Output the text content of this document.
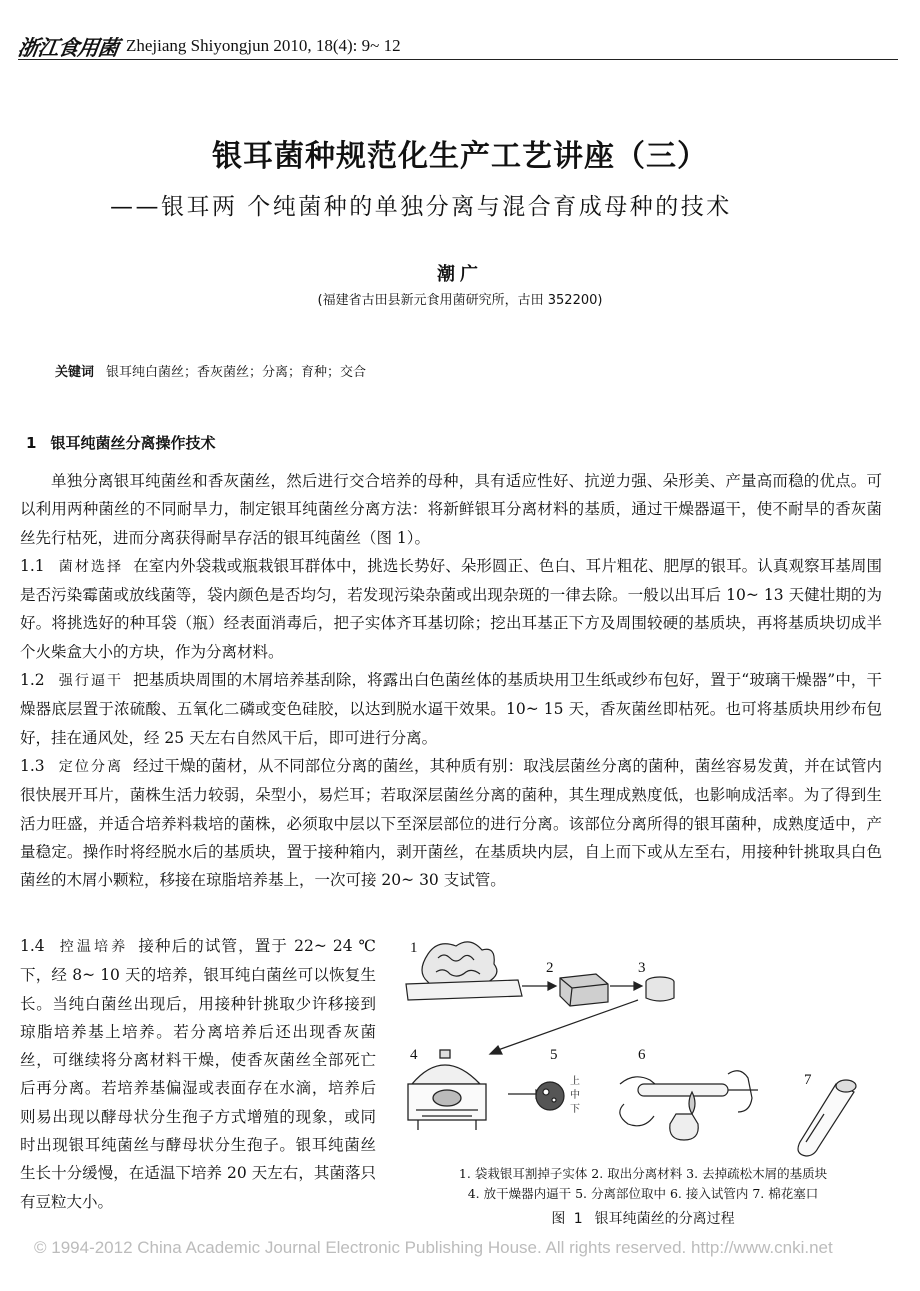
浙江食用菌 Zhejiang Shiyongjun 2010, 18(4): 9~ 12
银耳菌种规范化生产工艺讲座（三）
——银耳两 个纯菌种的单独分离与混合育成母种的技术
潮广
(福建省古田县新元食用菌研究所，古田 352200)
关键词 银耳纯白菌丝；香灰菌丝；分离；育种；交合
1 银耳纯菌丝分离操作技术

单独分离银耳纯菌丝和香灰菌丝，然后进行交合培养的母种，具有适应性好、抗逆力强、朵形美、产量高而稳的优点。可以利用两种菌丝的不同耐旱力，制定银耳纯菌丝分离方法：将新鲜银耳分离材料的基质，通过干燥器逼干，使不耐旱的香灰菌丝先行枯死，进而分离获得耐旱存活的银耳纯菌丝（图 1）。

1.1 菌材选择 在室内外袋栽或瓶栽银耳群体中，挑选长势好、朵形圆正、色白、耳片粗花、肥厚的银耳。认真观察耳基周围是否污染霉菌或放线菌等，袋内颜色是否均匀，若发现污染杂菌或出现杂斑的一律去除。一般以出耳后 10~ 13 天健壮期的为好。将挑选好的种耳袋（瓶）经表面消毒后，把子实体齐耳基切除；挖出耳基正下方及周围较硬的基质块，再将基质块切成半个火柴盒大小的方块，作为分离材料。

1.2 强行逼干 把基质块周围的木屑培养基刮除，将露出白色菌丝体的基质块用卫生纸或纱布包好，置于“玻璃干燥器”中，干燥器底层置于浓硫酸、五氧化二磷或变色硅胶，以达到脱水逼干效果。10~ 15 天，香灰菌丝即枯死。也可将基质块用纱布包好，挂在通风处，经 25 天左右自然风干后，即可进行分离。

1.3 定位分离 经过干燥的菌材，从不同部位分离的菌丝，其种质有别：取浅层菌丝分离的菌种，菌丝容易发黄，并在试管内很快展开耳片，菌株生活力较弱，朵型小，易烂耳；若取深层菌丝分离的菌种，其生理成熟度低，也影响成活率。为了得到生活力旺盛，并适合培养料栽培的菌株，必须取中层以下至深层部位的进行分离。该部位分离所得的银耳菌种，成熟度适中，产量稳定。操作时将经脱水后的基质块，置于接种箱内，剥开菌丝，在基质块内层，自上而下或从左至右，用接种针挑取具白色菌丝的木屑小颗粒，移接在琼脂培养基上，一次可接 20~ 30 支试管。

1.4 控温培养 接种后的试管，置于 22~ 24 ℃下，经 8~ 10 天的培养，银耳纯白菌丝可以恢复生长。当纯白菌丝出现后，用接种针挑取少许移接到琼脂培养基上培养。若分离培养后还出现香灰菌丝，可继续将分离材料干燥，使香灰菌丝全部死亡后再分离。若培养基偏湿或表面存在水滴，培养后则易出现以酵母状分生孢子方式增殖的现象，或同时出现银耳纯菌丝与酵母状分生孢子。银耳纯菌丝生长十分缓慢，在适温下培养 20 天左右，其菌落只有豆粒大小。
1
2	3
4	5	6
7
上
中
下
1. 袋栽银耳割掉子实体 2. 取出分离材料 3. 去掉疏松木屑的基质块
4. 放干燥器内逼干 5. 分离部位取中 6. 接入试管内 7. 棉花塞口
图 1 银耳纯菌丝的分离过程
© 1994-2012 China Academic Journal Electronic Publishing House. All rights reserved. http://www.cnki.net
